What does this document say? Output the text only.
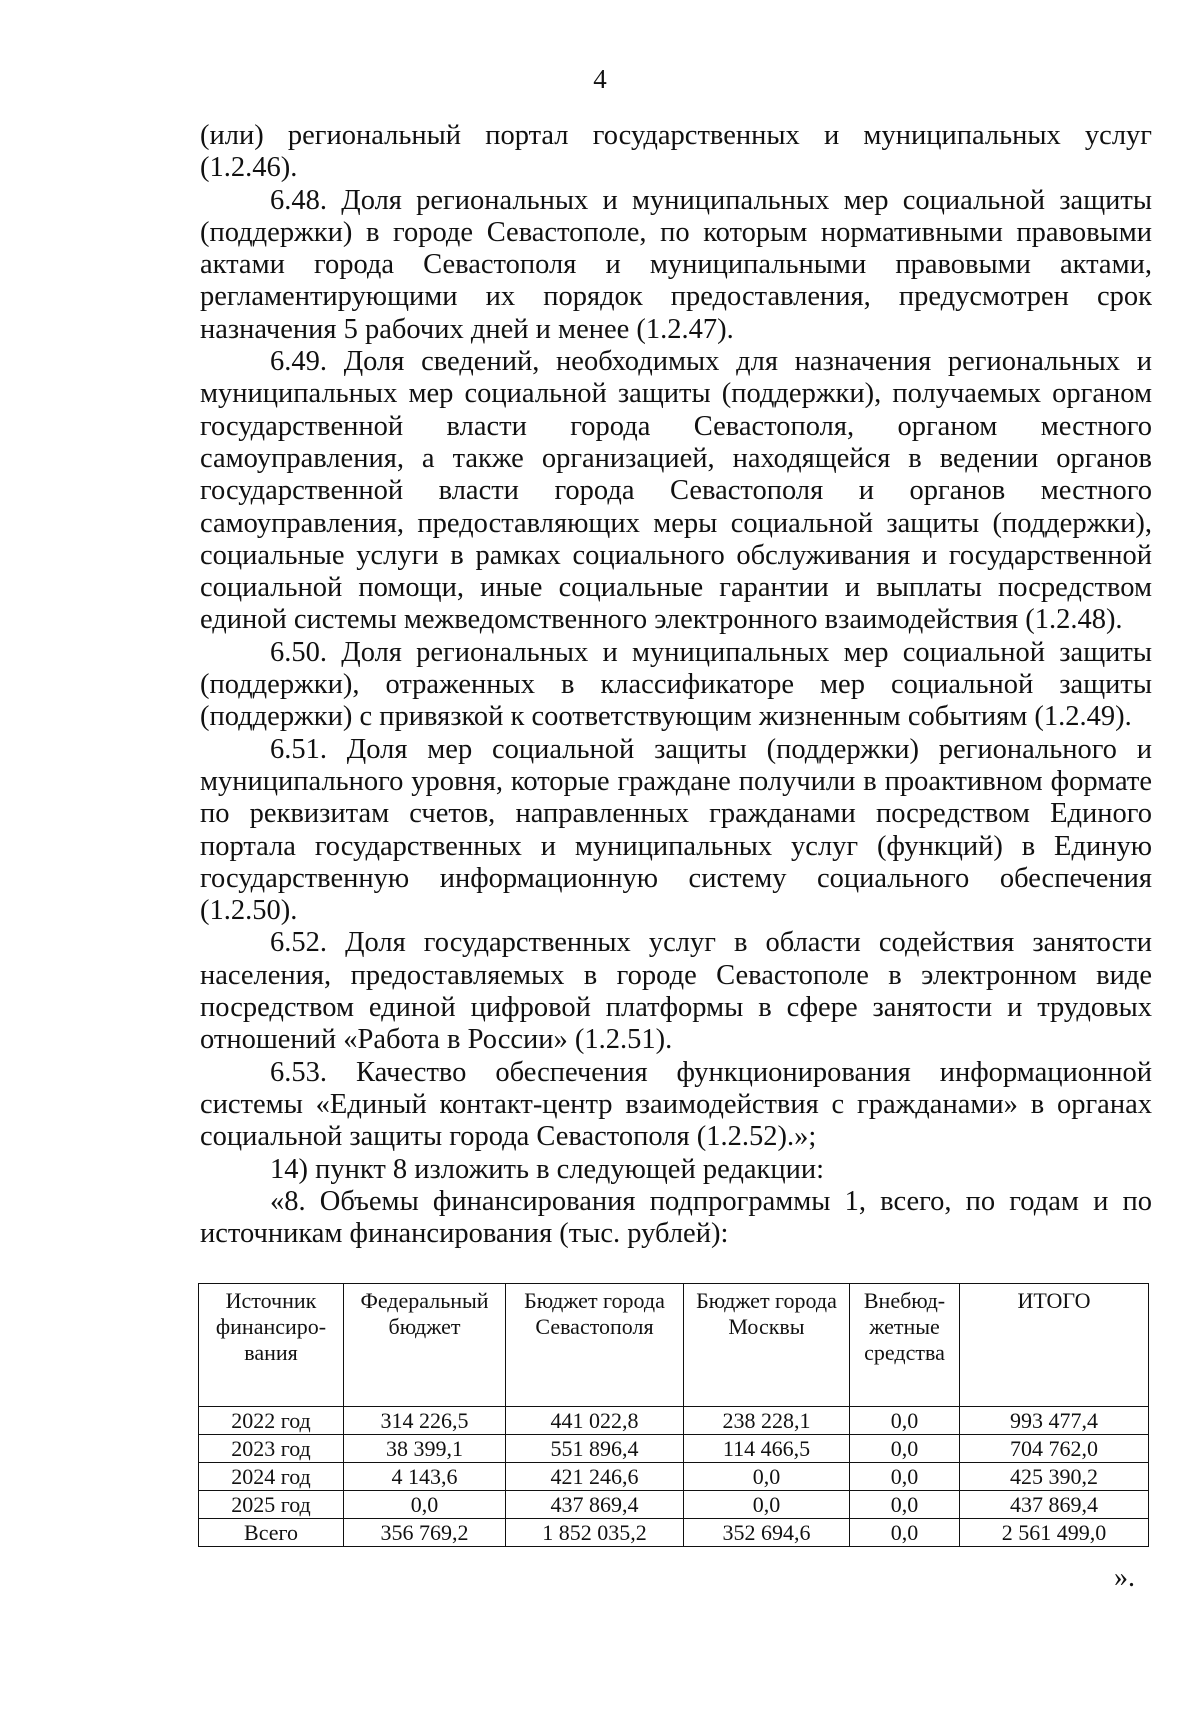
4

(или) региональный портал государственных и муниципальных услуг (1.2.46).

6.48. Доля региональных и муниципальных мер социальной защиты (поддержки) в городе Севастополе, по которым нормативными правовыми актами города Севастополя и муниципальными правовыми актами, регламентирующими их порядок предоставления, предусмотрен срок назначения 5 рабочих дней и менее (1.2.47).

6.49. Доля сведений, необходимых для назначения региональных и муниципальных мер социальной защиты (поддержки), получаемых органом государственной власти города Севастополя, органом местного самоуправления, а также организацией, находящейся в ведении органов государственной власти города Севастополя и органов местного самоуправления, предоставляющих меры социальной защиты (поддержки), социальные услуги в рамках социального обслуживания и государственной социальной помощи, иные социальные гарантии и выплаты посредством единой системы межведомственного электронного взаимодействия (1.2.48).

6.50. Доля региональных и муниципальных мер социальной защиты (поддержки), отраженных в классификаторе мер социальной защиты (поддержки) с привязкой к соответствующим жизненным событиям (1.2.49).

6.51. Доля мер социальной защиты (поддержки) регионального и муниципального уровня, которые граждане получили в проактивном формате по реквизитам счетов, направленных гражданами посредством Единого портала государственных и муниципальных услуг (функций) в Единую государственную информационную систему социального обеспечения (1.2.50).

6.52. Доля государственных услуг в области содействия занятости населения, предоставляемых в городе Севастополе в электронном виде посредством единой цифровой платформы в сфере занятости и трудовых отношений «Работа в России» (1.2.51).

6.53. Качество обеспечения функционирования информационной системы «Единый контакт-центр взаимодействия с гражданами» в органах социальной защиты города Севастополя (1.2.52).»;

14) пункт 8 изложить в следующей редакции:

«8. Объемы финансирования подпрограммы 1, всего, по годам и по источникам финансирования (тыс. рублей):

Источник финансиро-вания	Федеральный бюджет	Бюджет города Севастополя	Бюджет города Москвы	Внебюд-жетные средства	ИТОГО
2022 год	314 226,5	441 022,8	238 228,1	0,0	993 477,4
2023 год	38 399,1	551 896,4	114 466,5	0,0	704 762,0
2024 год	4 143,6	421 246,6	0,0	0,0	425 390,2
2025 год	0,0	437 869,4	0,0	0,0	437 869,4
Всего	356 769,2	1 852 035,2	352 694,6	0,0	2 561 499,0
».
